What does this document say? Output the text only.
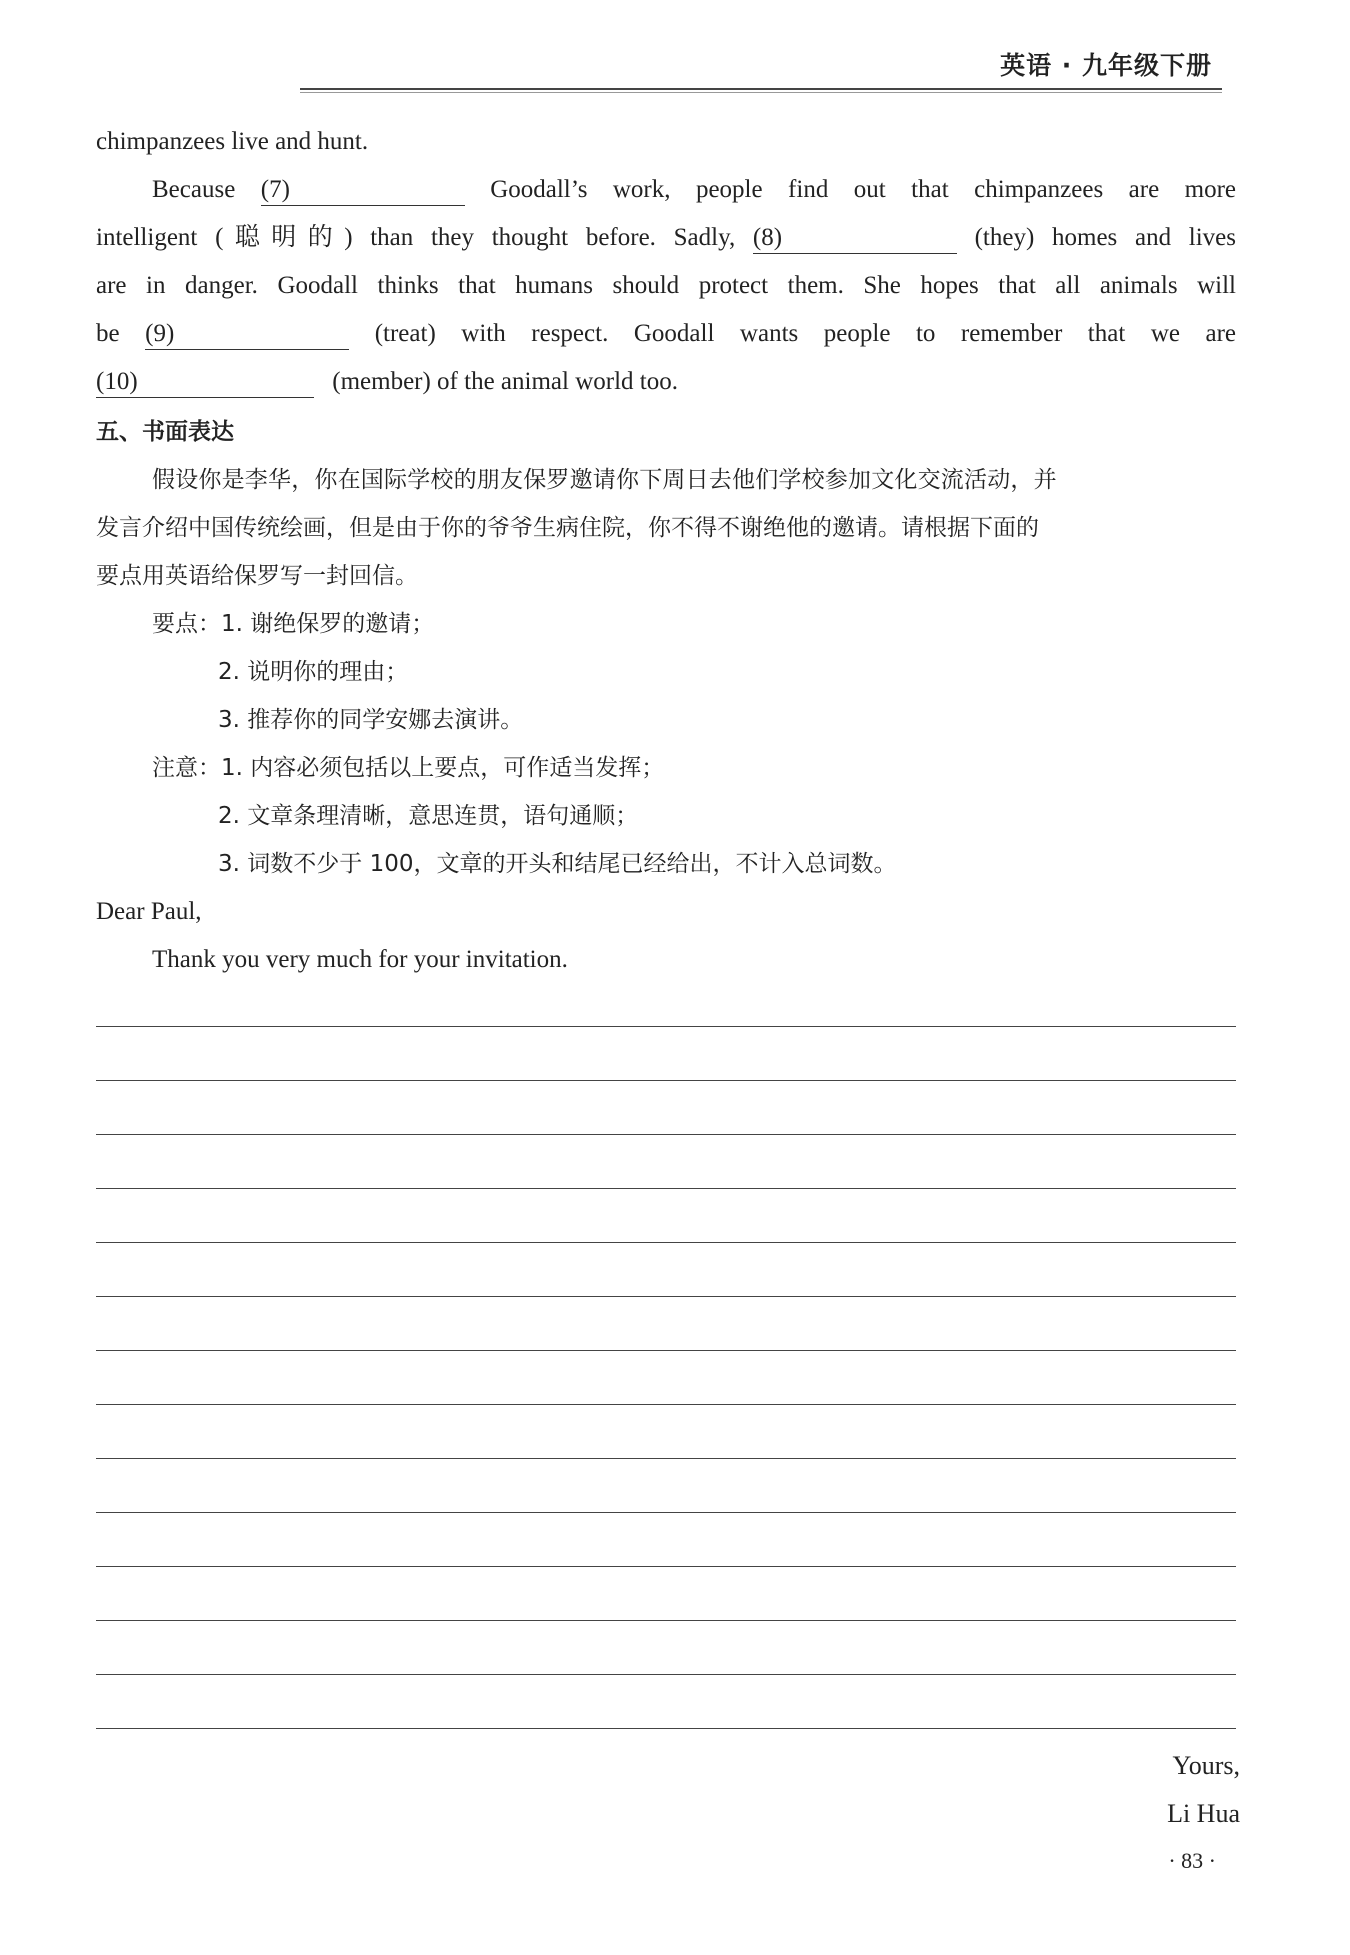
英语 · 九年级下册
chimpanzees live and hunt.
Because (7)	Goodall’s work, people find out that chimpanzees are more
intelligent (聪明的) than they thought before. Sadly, (8)	(they) homes and lives
are in danger. Goodall thinks that humans should protect them. She hopes that all animals will
be (9)	(treat) with respect. Goodall wants people to remember that we are
(10)	(member) of the animal world too.
五、书面表达
假设你是李华，你在国际学校的朋友保罗邀请你下周日去他们学校参加文化交流活动，并
发言介绍中国传统绘画，但是由于你的爷爷生病住院，你不得不谢绝他的邀请。请根据下面的
要点用英语给保罗写一封回信。
要点：1. 谢绝保罗的邀请；
2. 说明你的理由；
3. 推荐你的同学安娜去演讲。
注意：1. 内容必须包括以上要点，可作适当发挥；
2. 文章条理清晰，意思连贯，语句通顺；
3. 词数不少于 100，文章的开头和结尾已经给出，不计入总词数。
Dear Paul,
Thank you very much for your invitation.
Yours,
Li Hua
· 83 ·
